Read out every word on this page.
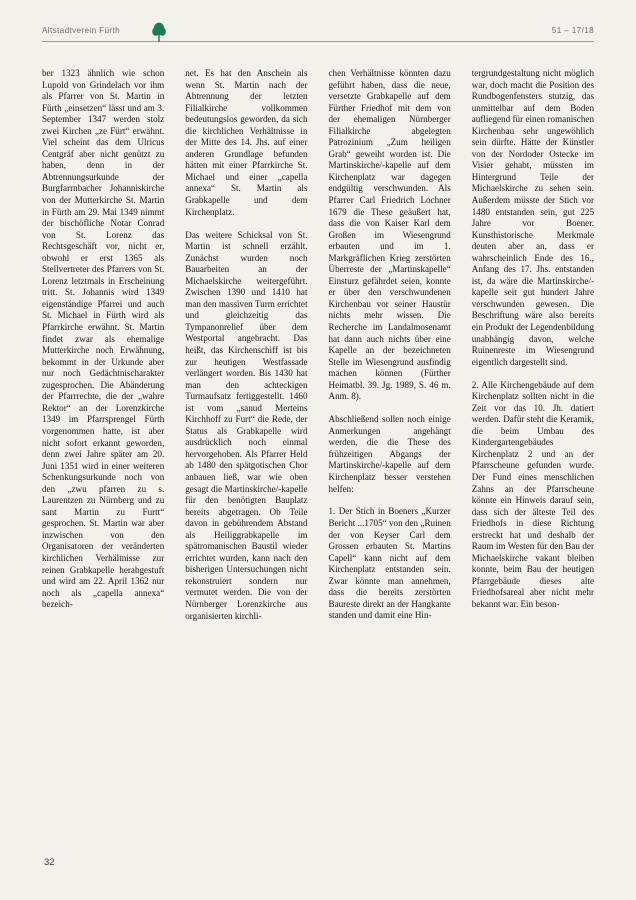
Altstadtverein Fürth	51 – 17/18

ber 1323 ähnlich wie schon Lupold von Grindelach vor ihm als Pfarrer von St. Martin in Fürth „einsetzen“ lässt und am 3. September 1347 werden stolz zwei Kirchen „ze Fürt“ erwähnt. Viel scheint das dem Ulricus Centgräf aber nicht genützt zu haben, denn in der Abtrennungsurkunde der Burgfarrnbacher Johanniskirche von der Mutterkirche St. Martin in Fürth am 29. Mai 1349 nimmt der bischöfliche Notar Conrad von St. Lorenz das Rechtsgeschäft vor, nicht er, obwohl er erst 1365 als Stellvertreter des Pfarrers von St. Lorenz letztmals in Erscheinung tritt. St. Johannis wird 1349 eigenständige Pfarrei und auch St. Michael in Fürth wird als Pfarrkirche erwähnt. St. Martin findet zwar als ehemalige Mutterkirche noch Erwähnung, bekommt in der Urkunde aber nur noch Gedächtnischarakter zugesprochen. Die Abänderung der Pfarrrechte, die der „wahre Rektor“ an der Lorenzkirche 1349 im Pfarrsprengel Fürth vorgenommen hatte, ist aber nicht sofort erkannt geworden, denn zwei Jahre später am 20. Juni 1351 wird in einer weiteren Schenkungsurkunde noch von den „zwu pfarren zu s. Laurentzen zu Nürnberg und zu sant Martin zu Furtt“ gesprochen. St. Martin war aber inzwischen von den Organisatoren der veränderten kirchlichen Verhältnisse zur reinen Grabkapelle herabgestuft und wird am 22. April 1362 nur noch als „capella annexa“ bezeich-

net. Es hat den Anschein als wenn St. Martin nach der Abtrennung der letzten Filialkirche vollkommen bedeutungslos geworden, da sich die kirchlichen Verhältnisse in der Mitte des 14. Jhs. auf einer anderen Grundlage befunden hätten mit einer Pfarrkirche St. Michael und einer „capella annexa“ St. Martin als Grabkapelle und dem Kirchenplatz.

Das weitere Schicksal von St. Martin ist schnell erzählt. Zunächst wurden noch Bauarbeiten an der Michaelskirche weitergeführt. Zwischen 1390 und 1410 hat man den massiven Turm errichtet und gleichzeitig das Tympanonrelief über dem Westportal angebracht. Das heißt, das Kirchenschiff ist bis zur heutigen Westfassade verlängert worden. Bis 1430 hat man den achteckigen Turmaufsatz fertiggestellt. 1460 ist vom „sanud Merteins Kirchhoff zu Furt“ die Rede, der Status als Grabkapelle wird ausdrücklich noch einmal hervorgehoben. Als Pfarrer Held ab 1480 den spätgotischen Chor anbauen ließ, war wie oben gesagt die Martinskirche/-kapelle für den benötigten Bauplatz bereits abgetragen. Ob Teile davon in gebührendem Abstand als Heiliggrabkapelle im spätromanischen Baustil wieder errichtet wurden, kann nach den bisherigen Untersuchungen nicht rekonstruiert sondern nur vermutet werden. Die von der Nürnberger Lorenzkirche aus organisierten kirchli-

chen Verhältnisse könnten dazu geführt haben, dass die neue, versetzte Grabkapelle auf dem Fürther Friedhof mit dem von der ehemaligen Nürnberger Filialkirche abgelegten Patrozinium „Zum heiligen Grab“ geweiht worden ist. Die Martinskirche/-kapelle auf dem Kirchenplatz war dagegen endgültig verschwunden. Als Pfarrer Carl Friedrich Lochner 1679 die These geäußert hat, dass die von Kaiser Karl dem Großen im Wiesengrund erbauten und im 1. Markgräflichen Krieg zerstörten Überreste der „Martinskapelle“ Einsturz gefährdet seien, konnte er über den verschwundenen Kirchenbau vor seiner Haustür nichts mehr wissen. Die Recherche im Landalmosenamt hat dann auch nichts über eine Kapelle an der bezeichneten Stelle im Wiesengrund ausfindig machen können (Fürther Heimatbl. 39. Jg. 1989, S. 46 m. Anm. 8).

Abschließend sollen noch einige Anmerkungen angehängt werden, die die These des frühzeitigen Abgangs der Martinskirche/-kapelle auf dem Kirchenplatz besser verstehen helfen:

1. Der Stich in Boeners „Kurzer Bericht ...1705“ von den „Ruinen der von Keyser Carl dem Grossen erbauten St. Martins Capell“ kann nicht auf dem Kirchenplatz entstanden sein. Zwar könnte man annehmen, dass die bereits zerstörten Baureste direkt an der Hangkante standen und damit eine Hin-

tergrundgestaltung nicht möglich war, doch macht die Position des Rundbogenfensters stutzig, das unmittelbar auf dem Boden aufliegend für einen romanischen Kirchenbau sehr ungewöhlich sein dürfte. Hätte der Künstler von der Nordoder Ostecke im Visier gehabt, müssten im Hintergrund Teile der Michaelskirche zu sehen sein. Außerdem müsste der Stich vor 1480 entstanden sein, gut 225 Jahre vor Boener. Kunsthistorische Merkmale deuten aber an, dass er wahrscheinlich Ende des 16., Anfang des 17. Jhs. entstanden ist, da wäre die Martinskirche/-kapelle seit gut hundert Jahre verschwunden gewesen. Die Beschriftung wäre also bereits ein Produkt der Legendenbildung unabhängig davon, welche Ruinenreste im Wiesengrund eigentlich dargestellt sind.

2. Alle Kirchengebäude auf dem Kirchenplatz sollten nicht in die Zeit vor das 10. Jh. datiert werden. Dafür steht die Keramik, die beim Umbau des Kindergartengebäudes Kirchenplatz 2 und an der Pfarrscheune gefunden wurde. Der Fund eines menschlichen Zahns an der Pfarrscheune könnte ein Hinweis darauf sein, dass sich der älteste Teil des Friedhofs in diese Richtung erstreckt hat und deshalb der Raum im Westen für den Bau der Michaelskirche vakant bleiben konnte, beim Bau der heutigen Pfarrgebäude dieses alte Friedhofsareal aber nicht mehr bekannt war. Ein beson-

32
